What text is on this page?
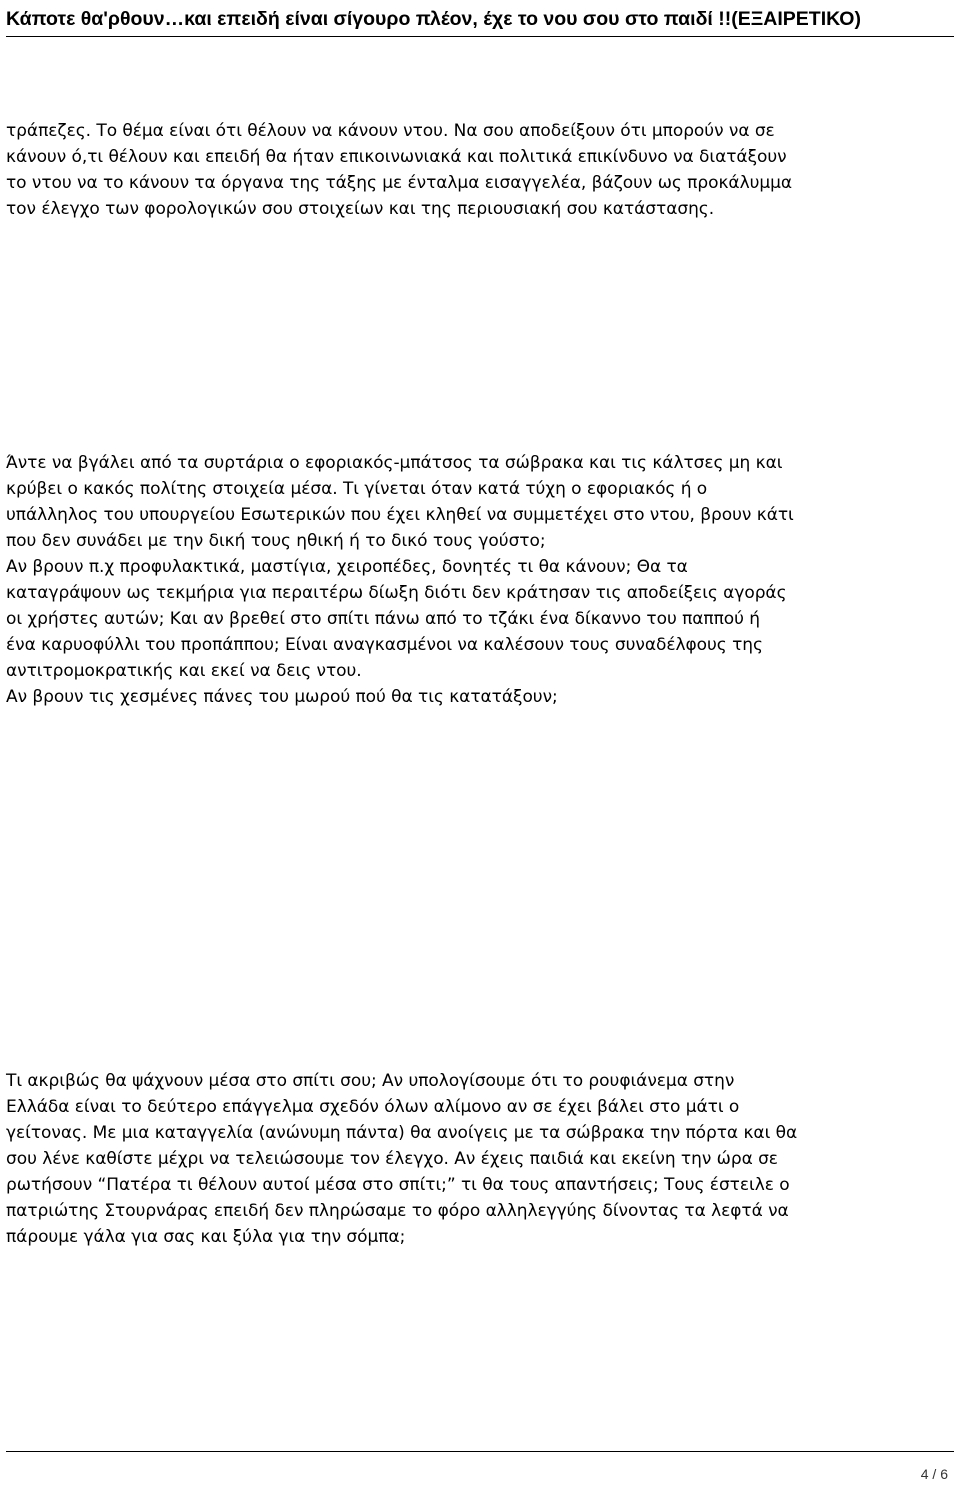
Κάποτε θα'ρθουν…και επειδή είναι σίγουρο πλέον, έχε το νου σου στο παιδί !!(ΕΞΑΙΡΕΤΙΚΟ)
τράπεζες. Το θέμα είναι ότι θέλουν να κάνουν ντου. Να σου αποδείξουν ότι μπορούν να σε
κάνουν ό,τι θέλουν και επειδή θα ήταν επικοινωνιακά και πολιτικά επικίνδυνο να διατάξουν
το ντου να το κάνουν τα όργανα της τάξης με ένταλμα εισαγγελέα, βάζουν ως προκάλυμμα
τον έλεγχο των φορολογικών σου στοιχείων και της περιουσιακή σου κατάστασης.
Άντε να βγάλει από τα συρτάρια ο εφοριακός-μπάτσος τα σώβρακα και τις κάλτσες μη και
κρύβει ο κακός πολίτης στοιχεία μέσα. Τι γίνεται όταν κατά τύχη ο εφοριακός ή ο
υπάλληλος του υπουργείου Εσωτερικών που έχει κληθεί να συμμετέχει στο ντου, βρουν κάτι
που δεν συνάδει με την δική τους ηθική ή το δικό τους γούστο;
Αν βρουν π.χ προφυλακτικά, μαστίγια, χειροπέδες, δονητές τι θα κάνουν; Θα τα
καταγράψουν ως τεκμήρια για περαιτέρω δίωξη διότι δεν κράτησαν τις αποδείξεις αγοράς
οι χρήστες αυτών; Και αν βρεθεί στο σπίτι πάνω από το τζάκι ένα δίκαννο του παππού ή
ένα καρυοφύλλι του προπάππου; Είναι αναγκασμένοι να καλέσουν τους συναδέλφους της
αντιτρομοκρατικής και εκεί να δεις ντου.
Αν βρουν τις χεσμένες πάνες του μωρού πού θα τις κατατάξουν;
Τι ακριβώς θα ψάχνουν μέσα στο σπίτι σου; Αν υπολογίσουμε ότι το ρουφιάνεμα στην
Ελλάδα είναι το δεύτερο επάγγελμα σχεδόν όλων αλίμονο αν σε έχει βάλει στο μάτι ο
γείτονας. Με μια καταγγελία (ανώνυμη πάντα) θα ανοίγεις με τα σώβρακα την πόρτα και θα
σου λένε καθίστε μέχρι να τελειώσουμε τον έλεγχο. Αν έχεις παιδιά και εκείνη την ώρα σε
ρωτήσουν “Πατέρα τι θέλουν αυτοί μέσα στο σπίτι;” τι θα τους απαντήσεις; Τους έστειλε ο
πατριώτης Στουρνάρας επειδή δεν πληρώσαμε το φόρο αλληλεγγύης δίνοντας τα λεφτά να
πάρουμε γάλα για σας και ξύλα για την σόμπα;
4 / 6
